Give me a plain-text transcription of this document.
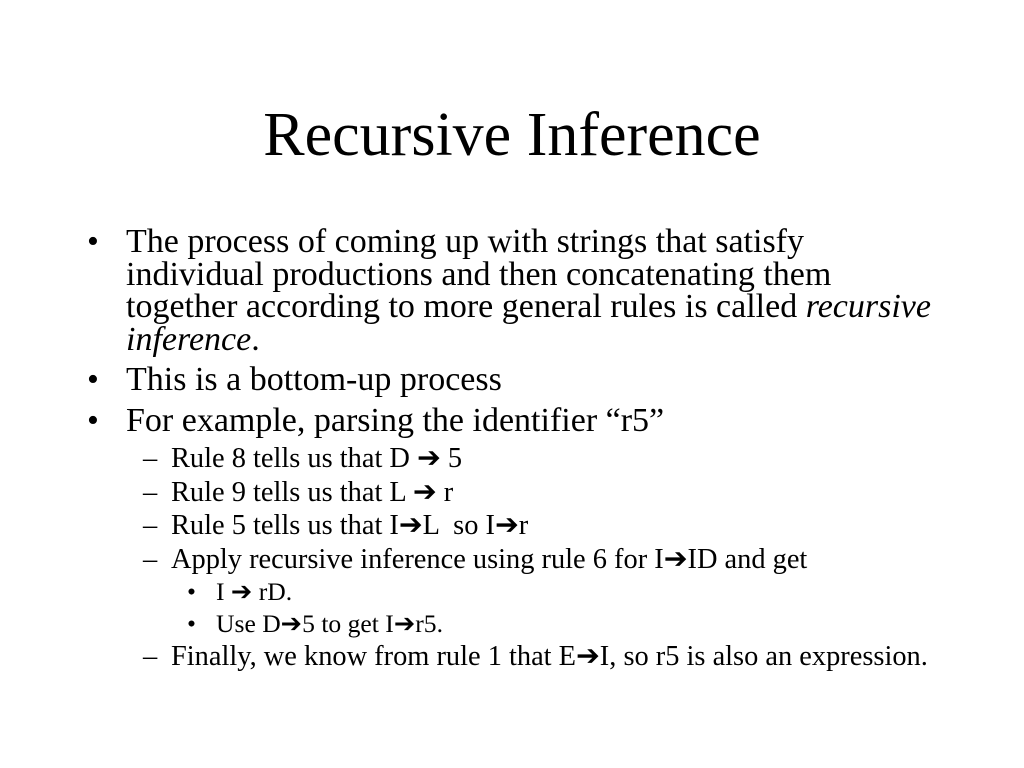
Recursive Inference
• The process of coming up with strings that satisfy individual productions and then concatenating them together according to more general rules is called recursive inference.
• This is a bottom-up process
• For example, parsing the identifier “r5”
– Rule 8 tells us that D ➔ 5
– Rule 9 tells us that L ➔ r
– Rule 5 tells us that I➔L  so I➔r
– Apply recursive inference using rule 6 for I➔ID and get
• I ➔ rD.
• Use D➔5 to get I➔r5.
– Finally, we know from rule 1 that E➔I, so r5 is also an expression.
